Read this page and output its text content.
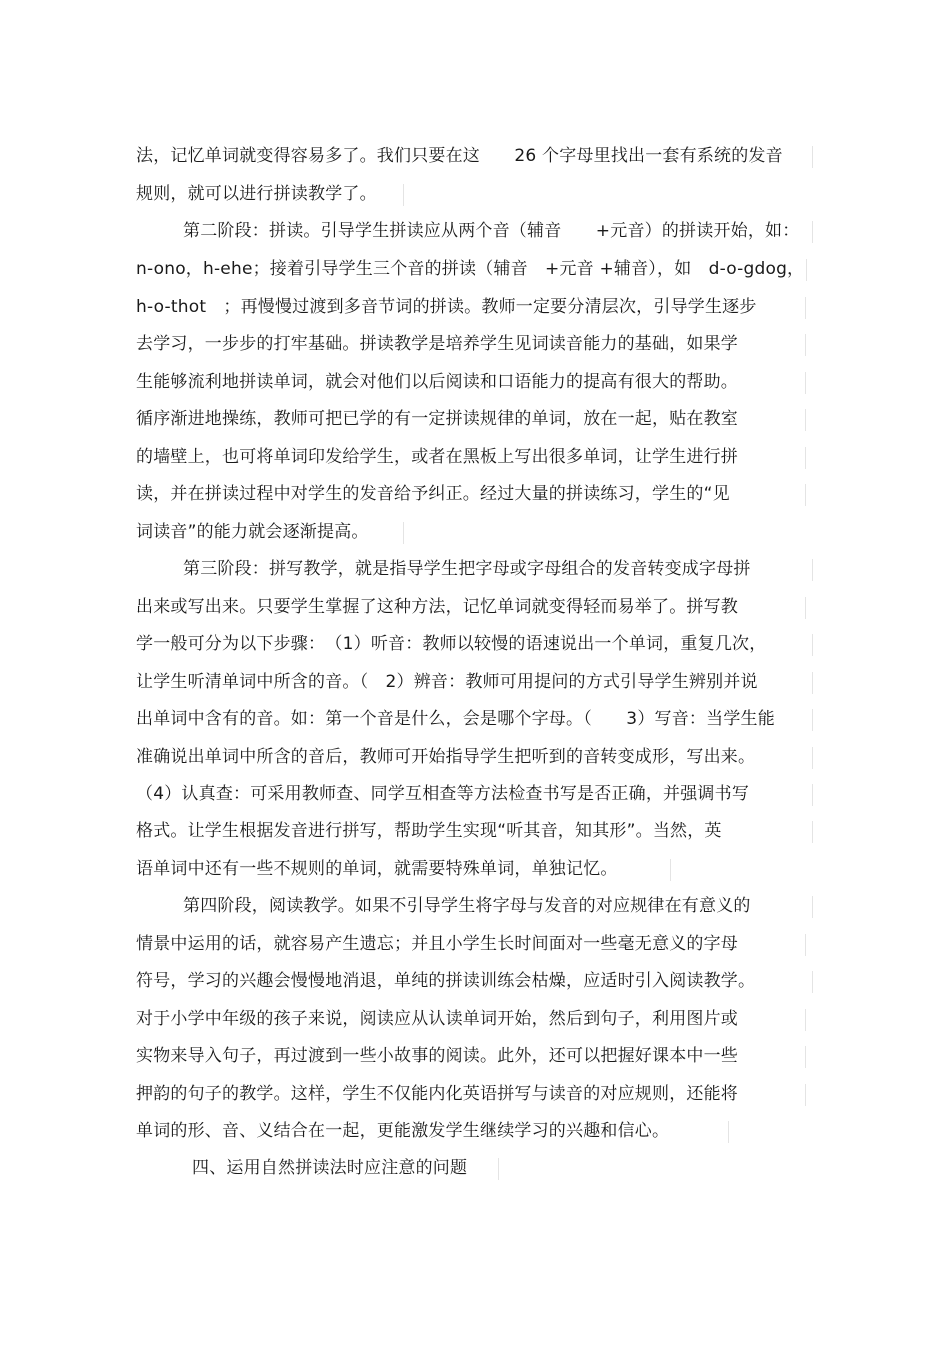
法，记忆单词就变得容易多了。我们只要在这　　26 个字母里找出一套有系统的发音
规则，就可以进行拼读教学了。
第二阶段：拼读。引导学生拼读应从两个音（辅音　　+元音）的拼读开始，如：
n-ono，h-ehe；接着引导学生三个音的拼读（辅音　+元音 +辅音），如　d-o-gdog，
h-o-thot　；再慢慢过渡到多音节词的拼读。教师一定要分清层次，引导学生逐步
去学习，一步步的打牢基础。拼读教学是培养学生见词读音能力的基础，如果学
生能够流利地拼读单词，就会对他们以后阅读和口语能力的提高有很大的帮助。
循序渐进地操练，教师可把已学的有一定拼读规律的单词，放在一起，贴在教室
的墙壁上，也可将单词印发给学生，或者在黑板上写出很多单词，让学生进行拼
读，并在拼读过程中对学生的发音给予纠正。经过大量的拼读练习，学生的“见
词读音”的能力就会逐渐提高。
第三阶段：拼写教学，就是指导学生把字母或字母组合的发音转变成字母拼
出来或写出来。只要学生掌握了这种方法，记忆单词就变得轻而易举了。拼写教
学一般可分为以下步骤：　（1）听音：教师以较慢的语速说出一个单词，重复几次，
让学生听清单词中所含的音。（　2）辨音：教师可用提问的方式引导学生辨别并说
出单词中含有的音。如：第一个音是什么，会是哪个字母。（　　3）写音：当学生能
准确说出单词中所含的音后，教师可开始指导学生把听到的音转变成形，写出来。
（4）认真查：可采用教师查、同学互相查等方法检查书写是否正确，并强调书写
格式。让学生根据发音进行拼写，帮助学生实现“听其音，知其形”。当然，英
语单词中还有一些不规则的单词，就需要特殊单词，单独记忆。
第四阶段，阅读教学。如果不引导学生将字母与发音的对应规律在有意义的
情景中运用的话，就容易产生遗忘；并且小学生长时间面对一些毫无意义的字母
符号，学习的兴趣会慢慢地消退，单纯的拼读训练会枯燥，应适时引入阅读教学。
对于小学中年级的孩子来说，阅读应从认读单词开始，然后到句子，利用图片或
实物来导入句子，再过渡到一些小故事的阅读。此外，还可以把握好课本中一些
押韵的句子的教学。这样，学生不仅能内化英语拼写与读音的对应规则，还能将
单词的形、音、义结合在一起，更能激发学生继续学习的兴趣和信心。
四、运用自然拼读法时应注意的问题
